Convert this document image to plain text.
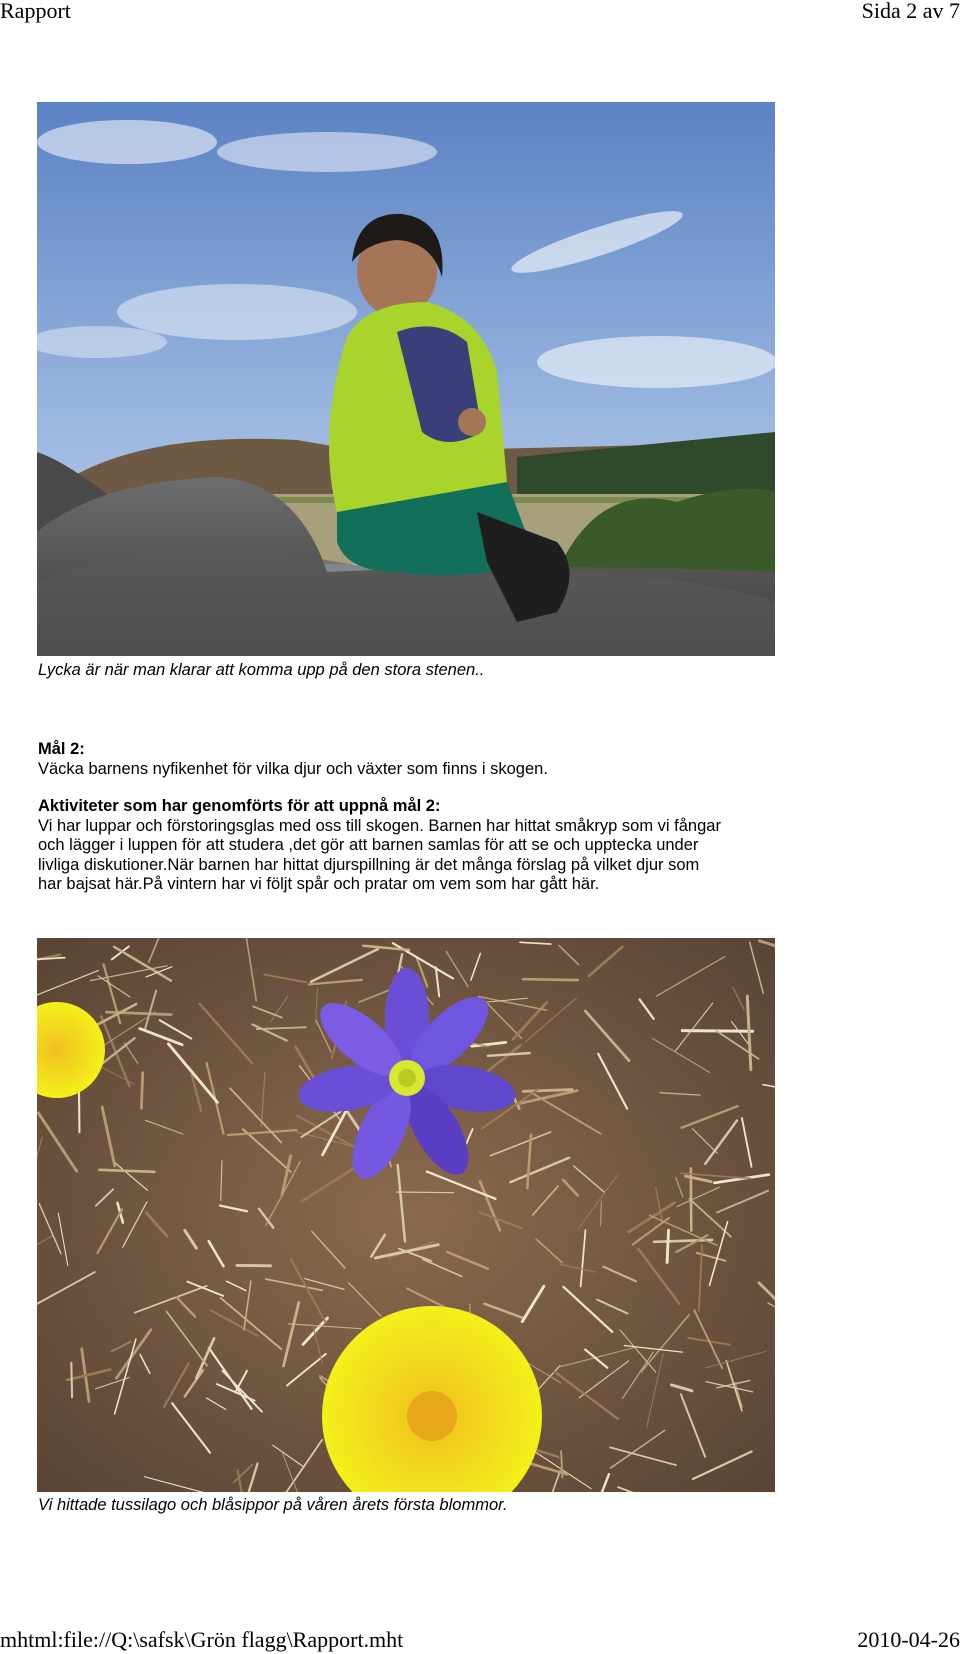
Rapport	Sida 2 av 7
Lycka är när man klarar att komma upp på den stora stenen..
Mål 2:
Väcka barnens nyfikenhet för vilka djur och växter som finns i skogen.
Aktiviteter som har genomförts för att uppnå mål 2:
Vi har luppar och förstoringsglas med oss till skogen. Barnen har hittat småkryp som vi fångar
och lägger i luppen för att studera ,det gör att barnen samlas för att se och upptecka under
livliga diskutioner.När barnen har hittat djurspillning är det många förslag på vilket djur som
har bajsat här.På vintern har vi följt spår och pratar om vem som har gått här.
Vi hittade tussilago och blåsippor på våren årets första blommor.
mhtml:file://Q:\safsk\Grön flagg\Rapport.mht	2010-04-26
